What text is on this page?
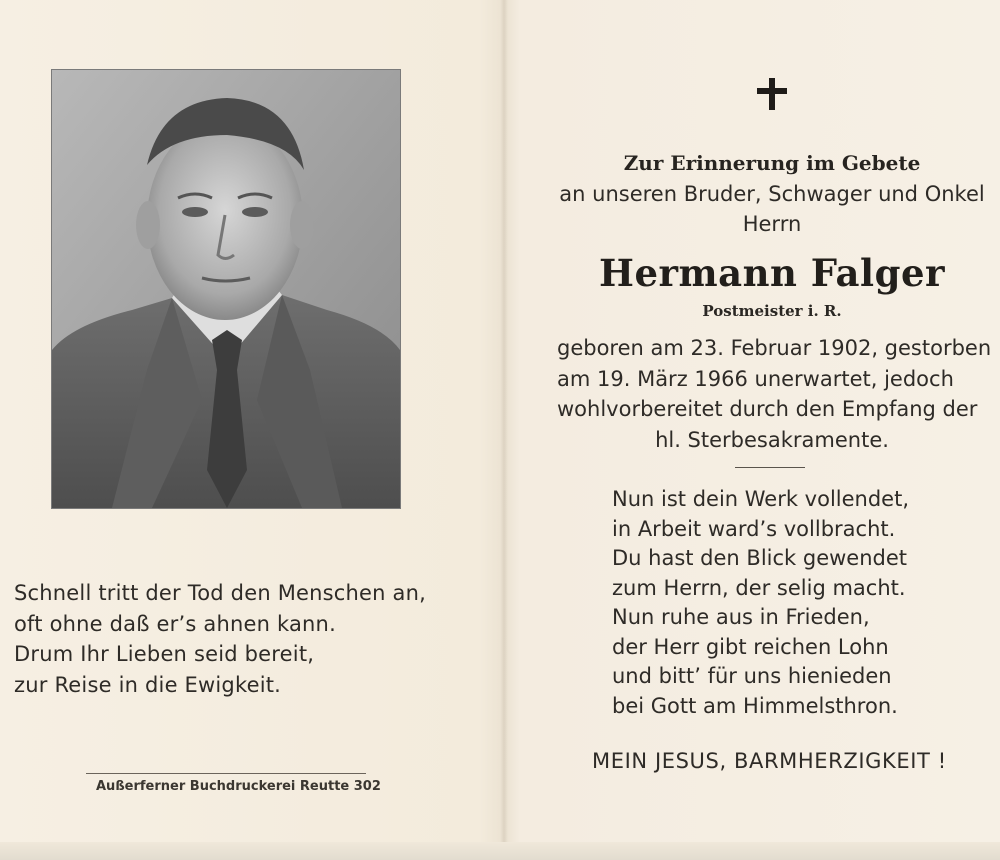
Schnell tritt der Tod den Menschen an,
oft ohne daß er’s ahnen kann.
Drum Ihr Lieben seid bereit,
zur Reise in die Ewigkeit.
Außerferner Buchdruckerei Reutte 302
Zur Erinnerung im Gebete
an unseren Bruder, Schwager und Onkel
Herrn
Hermann Falger
Postmeister i. R.
geboren am 23. Februar 1902, gestorben
am 19. März 1966 unerwartet, jedoch
wohlvorbereitet durch den Empfang der
hl. Sterbesakramente.
Nun ist dein Werk vollendet,
in Arbeit ward’s vollbracht.
Du hast den Blick gewendet
zum Herrn, der selig macht.
Nun ruhe aus in Frieden,
der Herr gibt reichen Lohn
und bitt’ für uns hienieden
bei Gott am Himmelsthron.
MEIN JESUS, BARMHERZIGKEIT !
